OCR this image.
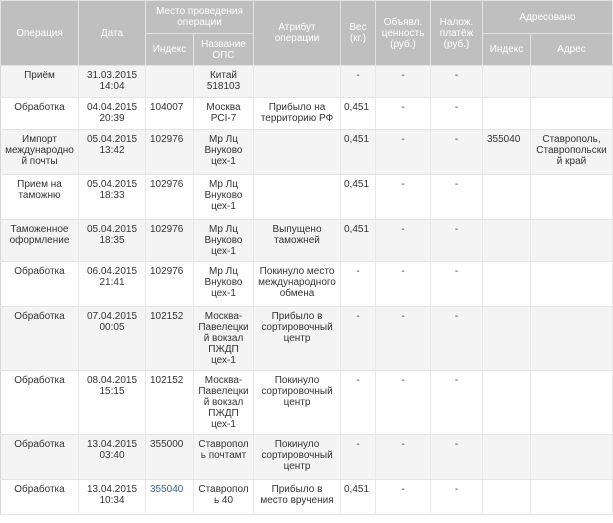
Операция	Дата	Место проведения операции		Атрибут операции	Вес (кг.)	Объявл. ценность (руб.)	Налож. платёж (руб.)	Адресовано	
		Индекс	Название ОПС					Индекс	Адрес
Приём	31.03.2015 14:04		Китай 518103		-	-	-		
Обработка	04.04.2015 20:39	104007	Москва PCI-7	Прибыло на территорию РФ	0,451	-	-		
Импорт международной почты	05.04.2015 13:42	102976	Мр Лц Внуково цех-1		0,451	-	-	355040	Ставрополь, Ставропольский край
Прием на таможню	05.04.2015 18:33	102976	Мр Лц Внуково цех-1		0,451	-	-		
Таможенное оформление	05.04.2015 18:35	102976	Мр Лц Внуково цех-1	Выпущено таможней	0,451	-	-		
Обработка	06.04.2015 21:41	102976	Мр Лц Внуково цех-1	Покинуло место международного обмена	-	-	-		
Обработка	07.04.2015 00:05	102152	Москва-Павелецкий вокзал ПЖДП цех-1	Прибыло в сортировочный центр	-	-	-		
Обработка	08.04.2015 15:15	102152	Москва-Павелецкий вокзал ПЖДП цех-1	Покинуло сортировочный центр	-	-	-		
Обработка	13.04.2015 03:40	355000	Ставрополь почтамт	Покинуло сортировочный центр	-	-	-		
Обработка	13.04.2015 10:34	355040	Ставрополь 40	Прибыло в место вручения	0,451	-	-		
